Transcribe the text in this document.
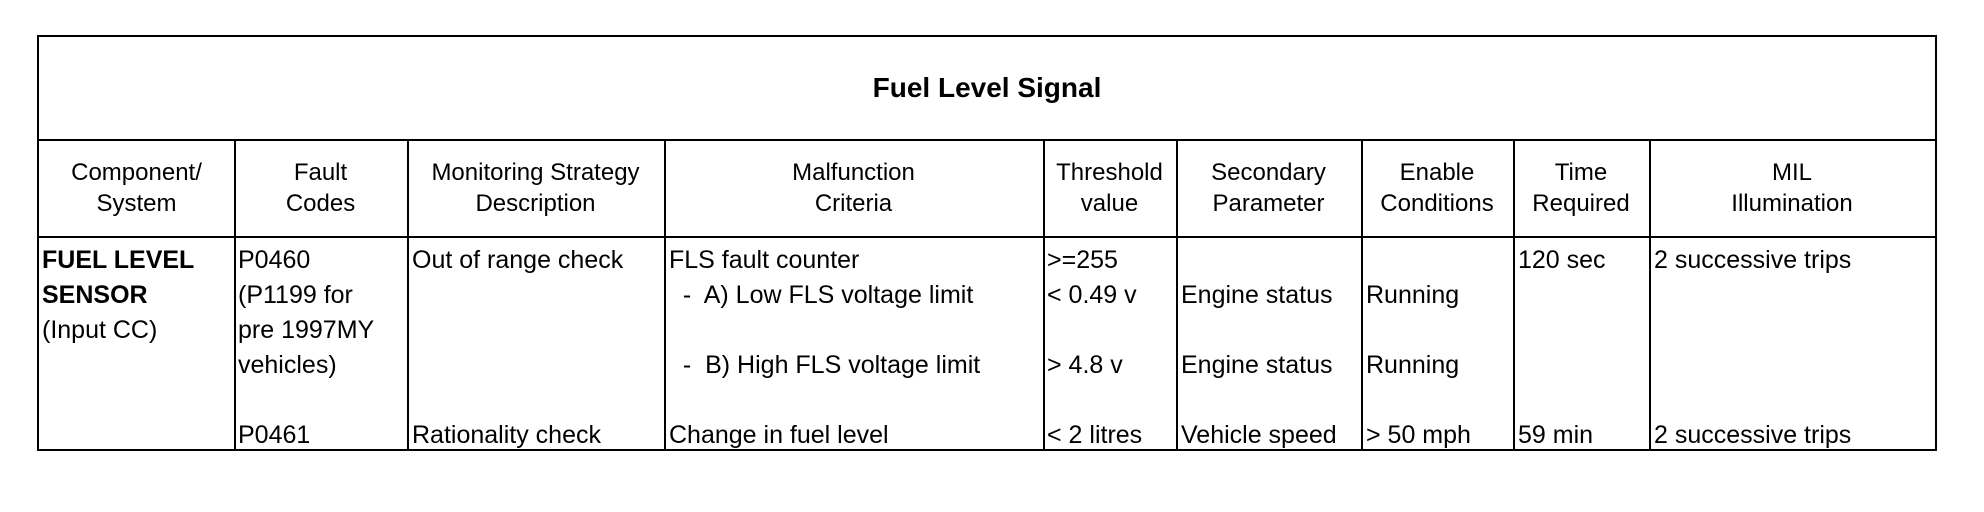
Fuel Level Signal
Component/
System
Fault
Codes
Monitoring Strategy
Description
Malfunction
Criteria
Threshold
value
Secondary
Parameter
Enable
Conditions
Time
Required
MIL
Illumination
FUEL LEVEL
SENSOR
(Input CC)
P0460
(P1199 for
pre 1997MY
vehicles)
P0461
Out of range check
Rationality check
FLS fault counter
-  A) Low FLS voltage limit
-  B) High FLS voltage limit
Change in fuel level
>=255
< 0.49 v
> 4.8 v
< 2 litres
Engine status
Engine status
Vehicle speed
Running
Running
> 50 mph
120 sec
59 min
2 successive trips
2 successive trips
